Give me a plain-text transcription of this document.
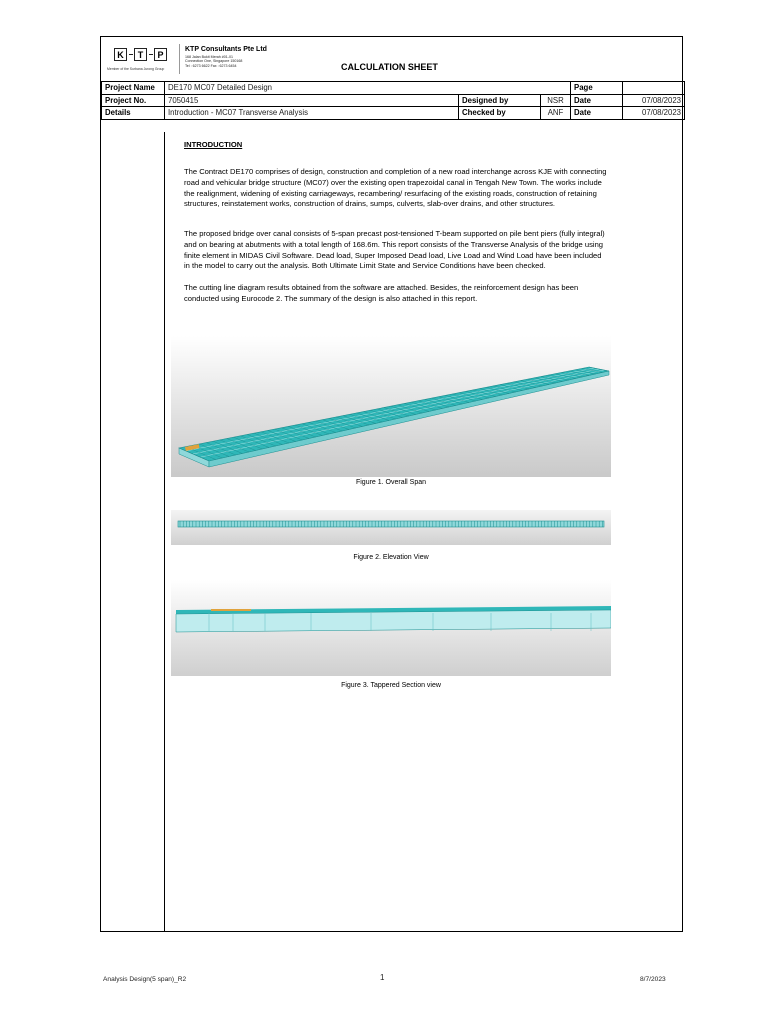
K	T	P
Member of the Surbana Jurong Group
KTP Consultants Pte Ltd
168 Jalan Bukit Merah #01-01
Connection One, Singapore 150168
Tel : 6273 6622 Fax : 6273 6454	CALCULATION SHEET
Project Name	DE170 MC07 Detailed Design			Page	
Project No.	7050415	Designed by	NSR	Date	07/08/2023
Details	Introduction - MC07 Transverse Analysis	Checked by	ANF	Date	07/08/2023
INTRODUCTION
The Contract DE170 comprises of design, construction and completion of a new road interchange across KJE with connecting road and vehicular bridge structure (MC07) over the existing open trapezoidal canal in Tengah New Town. The works include the realignment, widening of existing carriageways, recambering/ resurfacing of the existing roads, construction of retaining structures, reinstatement works, construction of drains, sumps, culverts, slab-over drains, and other structures.
The proposed bridge over canal consists of 5-span precast post-tensioned T-beam supported on pile bent piers (fully integral) and on bearing at abutments with a total length of 168.6m. This report consists of the Transverse Analysis of the bridge using finite element in MIDAS Civil Software. Dead load, Super Imposed Dead load, Live Load and Wind Load have been included in the model to carry out the analysis. Both Ultimate Limit State and Service Conditions have been checked.
The cutting line diagram results obtained from the software are attached. Besides, the reinforcement design has been conducted using Eurocode 2. The summary of the design is also attached in this report.
Figure 1. Overall Span
Figure 2. Elevation View
Figure 3. Tappered Section view
Analysis Design(5 span)_R2	1	8/7/2023
